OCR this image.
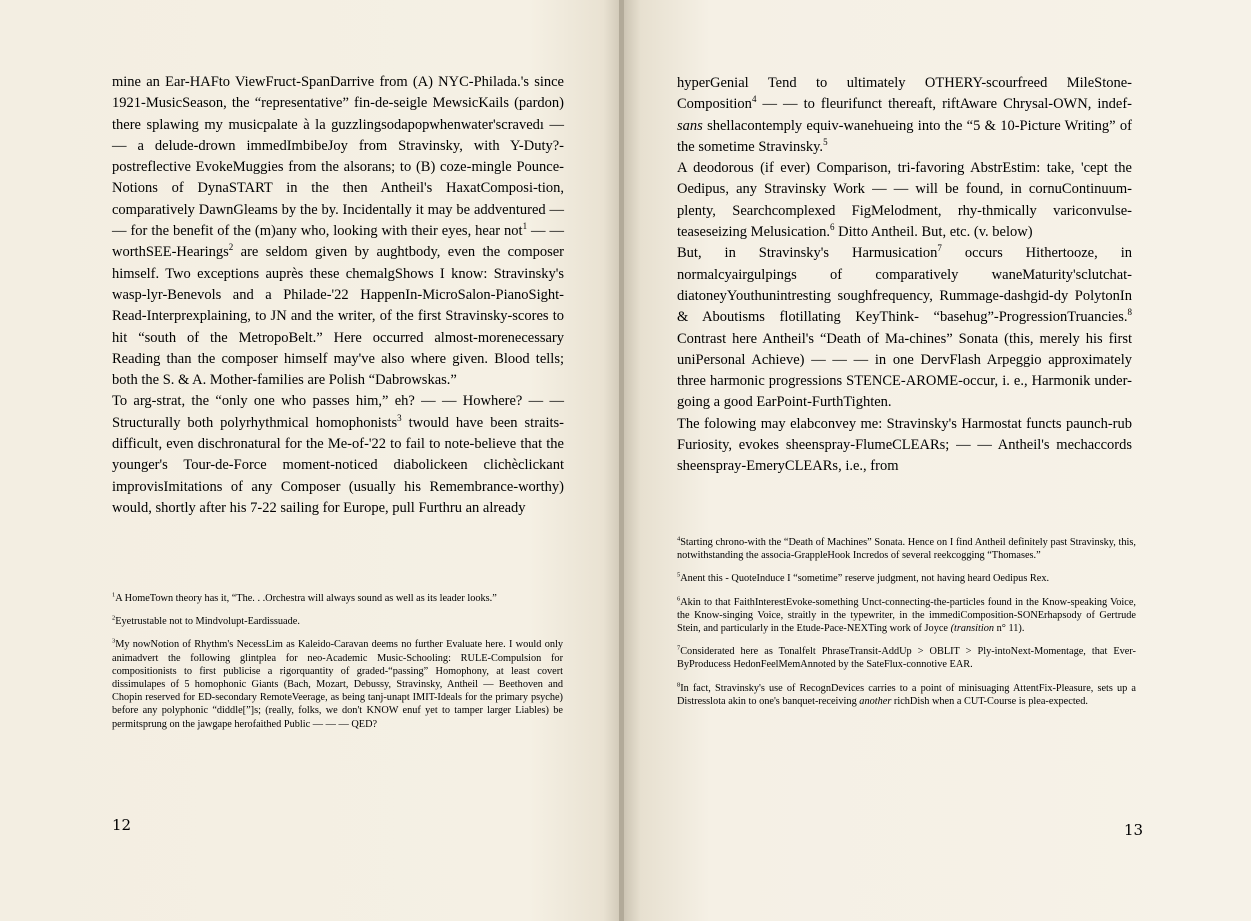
mine an Ear-HAFto ViewFruct-SpanDarrive from (A) NYC-Philada.'s since 1921-MusicSeason, the “representative” fin-de-seigle MewsicKails (pardon) there splawing my musicpalate à la guzzlingsodapopwhenwater'scravedı — — a delude-drown immedImbibeJoy from Stravinsky, with Y-Duty?-postreflective EvokeMuggies from the alsorans; to (B) coze-mingle Pounce-Notions of DynaSTART in the then Antheil's HaxatComposi-tion, comparatively DawnGleams by the by. Incidentally it may be addventured — — for the benefit of the (m)any who, looking with their eyes, hear not$^1$ — — worthSEE-Hearings$^2$ are seldom given by aughtbody, even the composer himself. Two exceptions auprès these chemalgShows I know: Stravinsky's wasp-lyr-Benevols and a Philade-'22 HappenIn-MicroSalon-PianoSight-Read-Interprexplaining, to JN and the writer, of the first Stravinsky-scores to hit “south of the MetropoBelt.” Here occurred almost-morenecessary Reading than the composer himself may've also where given. Blood tells; both the S. & A. Mother-families are Polish “Dabrowskas.”

To arg-strat, the “only one who passes him,” eh? — — Howhere? — — Structurally both polyrhythmical homophonists$^3$ twould have been straits-difficult, even dischronatural for the Me-of-'22 to fail to note-believe that the younger's Tour-de-Force moment-noticed diabolickeen clichèclickant improvisImitations of any Composer (usually his Remembrance-worthy) would, shortly after his 7-22 sailing for Europe, pull Furthru an already

$^1$A HomeTown theory has it, “The. . .Orchestra will always sound as well as its leader looks.”

$^2$Eyetrustable not to Mindvolupt-Eardissuade.

$^3$My nowNotion of Rhythm's NecessLim as Kaleido-Caravan deems no further Evaluate here. I would only animadvert the following glintplea for neo-Academic Music-Schooling: RULE-Compulsion for compositionists to first publicise a rigorquantity of graded-“passing” Homophony, at least covert dissimulapes of 5 homophonic Giants (Bach, Mozart, Debussy, Stravinsky, Antheil — Beethoven and Chopin reserved for ED-secondary RemoteVeerage, as being tanj-unapt IMIT-Ideals for the primary psyche) before any polyphonic “diddle[”]s; (really, folks, we don't KNOW enuf yet to tamper larger Liables) be permitsprung on the jawgape herofaithed Public — — — QED?

12

hyperGenial Tend to ultimately OTHERY-scourfreed MileStone-Composition$^4$ — — to fleurifunct thereaft, riftAware Chrysal-OWN, indef-sans shellacontemply equiv-wanehueing into the “5 & 10-Picture Writing” of the sometime Stravinsky.$^5$

A deodorous (if ever) Comparison, tri-favoring AbstrEstim: take, 'cept the Oedipus, any Stravinsky Work — — will be found, in cornuContinuum-plenty, Searchcomplexed FigMelodment, rhy-thmically variconvulse-teaseseizing Melusication.$^6$ Ditto Antheil. But, etc. (v. below)

But, in Stravinsky's Harmusication$^7$ occurs Hithertooze, in normalcyairgulpings of comparatively waneMaturity'sclutchat-diatoneyYouthunintresting soughfrequency, Rummage-dashgid-dy PolytonIn & Aboutisms flotillating KeyThink- “basehug”-ProgressionTruancies.$^8$ Contrast here Antheil's “Death of Ma-chines” Sonata (this, merely his first uniPersonal Achieve) — — — in one DervFlash Arpeggio approximately three harmonic progressions STENCE-AROME-occur, i. e., Harmonik under-going a good EarPoint-FurthTighten.

The folowing may elabconvey me: Stravinsky's Harmostat functs paunch-rub Furiosity, evokes sheenspray-FlumeCLEARs; — — Antheil's mechaccords sheenspray-EmeryCLEARs, i.e., from

$^4$Starting chrono-with the “Death of Machines” Sonata. Hence on I find Antheil definitely past Stravinsky, this, notwithstanding the associa-GrappleHook Incredos of several reekcogging “Thomases.”

$^5$Anent this - QuoteInduce I “sometime” reserve judgment, not having heard Oedipus Rex.

$^6$Akin to that FaithInterestEvoke-something Unct-connecting-the-particles found in the Know-speaking Voice, the Know-singing Voice, straitly in the typewriter, in the immediComposition-SONErhapsody of Gertrude Stein, and particularly in the Etude-Pace-NEXTing work of Joyce (transition n° 11).

$^7$Considerated here as Tonalfelt PhraseTransit-AddUp > OBLIT > Ply-intoNext-Momentage, that Ever-ByProducess HedonFeelMemAnnoted by the SateFlux-connotive EAR.

$^8$In fact, Stravinsky's use of RecognDevices carries to a point of minisuaging AttentFix-Pleasure, sets up a Distresslota akin to one's banquet-receiving another richDish when a CUT-Course is plea-expected.

13
